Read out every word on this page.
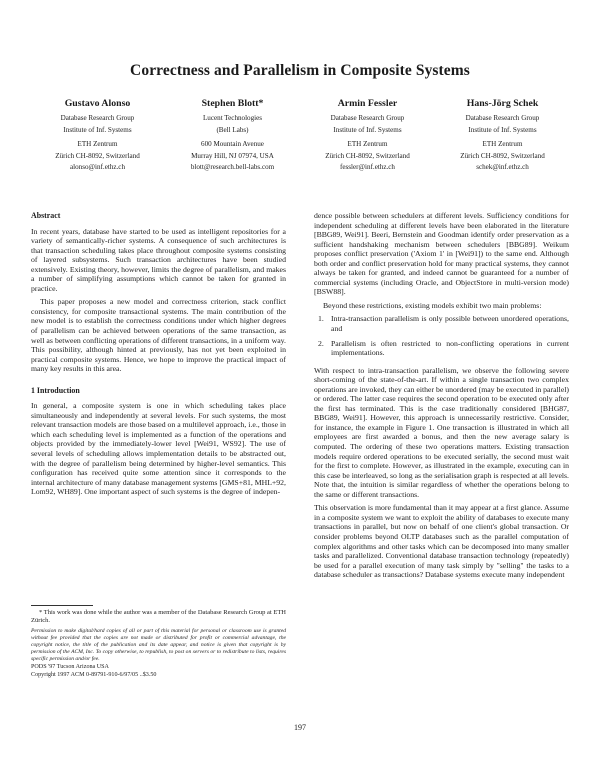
Correctness and Parallelism in Composite Systems
Gustavo Alonso
Database Research Group
Institute of Inf. Systems
ETH Zentrum
Zürich CH-8092, Switzerland
alonso@inf.ethz.ch
Stephen Blott*
Lucent Technologies
(Bell Labs)
600 Mountain Avenue
Murray Hill, NJ 07974, USA
blott@research.bell-labs.com
Armin Fessler
Database Research Group
Institute of Inf. Systems
ETH Zentrum
Zürich CH-8092, Switzerland
fessler@inf.ethz.ch
Hans-Jörg Schek
Database Research Group
Institute of Inf. Systems
ETH Zentrum
Zürich CH-8092, Switzerland
schek@inf.ethz.ch
Abstract

In recent years, database have started to be used as intelligent repositories for a variety of semantically-richer systems. A consequence of such architectures is that transaction scheduling takes place throughout composite systems consisting of layered subsystems. Such transaction architectures have been studied extensively. Existing theory, however, limits the degree of parallelism, and makes a number of simplifying assumptions which cannot be taken for granted in practice.

This paper proposes a new model and correctness criterion, stack conflict consistency, for composite transactional systems. The main contribution of the new model is to establish the correctness conditions under which higher degrees of parallelism can be achieved between operations of the same transaction, as well as between conflicting operations of different transactions, in a uniform way. This possibility, although hinted at previously, has not yet been exploited in practical composite systems. Hence, we hope to improve the practical impact of many key results in this area.

1 Introduction

In general, a composite system is one in which scheduling takes place simultaneously and independently at several levels. For such systems, the most relevant transaction models are those based on a multilevel approach, i.e., those in which each scheduling level is implemented as a function of the operations and objects provided by the immediately-lower level [Wei91, WS92]. The use of several levels of scheduling allows implementation details to be abstracted out, with the degree of parallelism being determined by higher-level semantics. This configuration has received quite some attention since it corresponds to the internal architecture of many database management systems [GMS+81, MHL+92, Lom92, WH89]. One important aspect of such systems is the degree of indepen-

* This work was done while the author was a member of the Database Research Group at ETH Zürich.

Permission to make digital/hard copies of all or part of this material for personal or classroom use is granted without fee provided that the copies are not made or distributed for profit or commercial advantage, the copyright notice, the title of the publication and its date appear, and notice is given that copyright is by permission of the ACM, Inc. To copy otherwise, to republish, to post on servers or to redistribute to lists, requires specific permission and/or fee.

PODS '97 Tucson Arizona USA
Copyright 1997 ACM 0-89791-910-6/97/05 ..$3.50

dence possible between schedulers at different levels. Sufficiency conditions for independent scheduling at different levels have been elaborated in the literature [BBG89, Wei91]. Beeri, Bernstein and Goodman identify order preservation as a sufficient handshaking mechanism between schedulers [BBG89]. Weikum proposes conflict preservation ('Axiom 1' in [Wei91]) to the same end. Although both order and conflict preservation hold for many practical systems, they cannot always be taken for granted, and indeed cannot be guaranteed for a number of commercial systems (including Oracle, and ObjectStore in multi-version mode) [BSW88].

Beyond these restrictions, existing models exhibit two main problems:

1. Intra-transaction parallelism is only possible between unordered operations, and
2. Parallelism is often restricted to non-conflicting operations in current implementations.

With respect to intra-transaction parallelism, we observe the following severe short-coming of the state-of-the-art. If within a single transaction two complex operations are invoked, they can either be unordered (may be executed in parallel) or ordered. The latter case requires the second operation to be executed only after the first has terminated. This is the case traditionally considered [BHG87, BBG89, Wei91]. However, this approach is unnecessarily restrictive. Consider, for instance, the example in Figure 1. One transaction is illustrated in which all employees are first awarded a bonus, and then the new average salary is computed. The ordering of these two operations matters. Existing transaction models require ordered operations to be executed serially, the second must wait for the first to complete. However, as illustrated in the example, executing can in this case be interleaved, so long as the serialisation graph is respected at all levels. Note that, the intuition is similar regardless of whether the operations belong to the same or different transactions.

This observation is more fundamental than it may appear at a first glance. Assume in a composite system we want to exploit the ability of databases to execute many transactions in parallel, but now on behalf of one client's global transaction. Or consider problems beyond OLTP databases such as the parallel computation of complex algorithms and other tasks which can be decomposed into many smaller tasks and parallelized. Conventional database transaction technology (repeatedly) be used for a parallel execution of many task simply by "selling" the tasks to a database scheduler as transactions? Database systems execute many independent

197
